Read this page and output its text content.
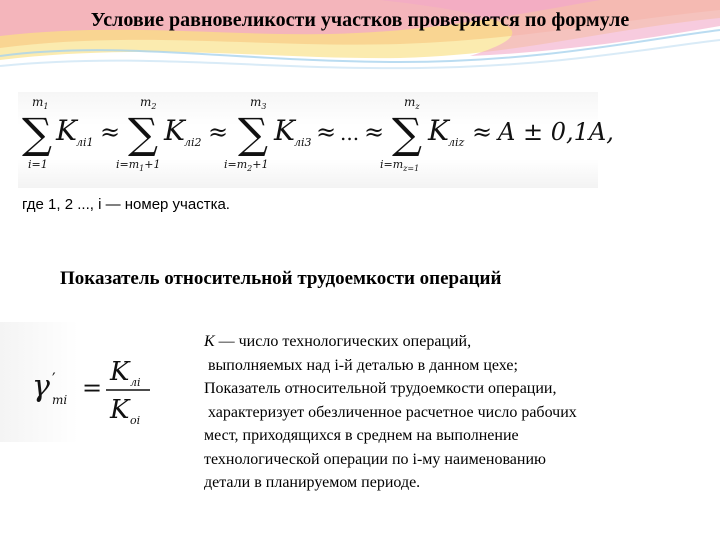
Условие равновеликости участков проверяется по формуле
$m_1$
∑
i=1
K лi1 ≈
$m_2$
∑
$i=m_1+1$
K лi2 ≈
$m_3$
∑
$i=m_2+1$
K лi3 ≈ ... ≈
$m_z$
∑
$i=m_{z=1}$
K лiz ≈ A ± 0,1A,
где 1, 2 ..., i — номер участка.
Показатель относительной трудоемкости операций
γ ′
mi =
K лi
K oi
К — число технологических операций,
выполняемых над i-й деталью в данном цехе;
Показатель относительной трудоемкости операции,
характеризует обезличенное расчетное число рабочих
мест, приходящихся в среднем на выполнение
технологической операции по i-му наименованию
детали в планируемом периоде.
